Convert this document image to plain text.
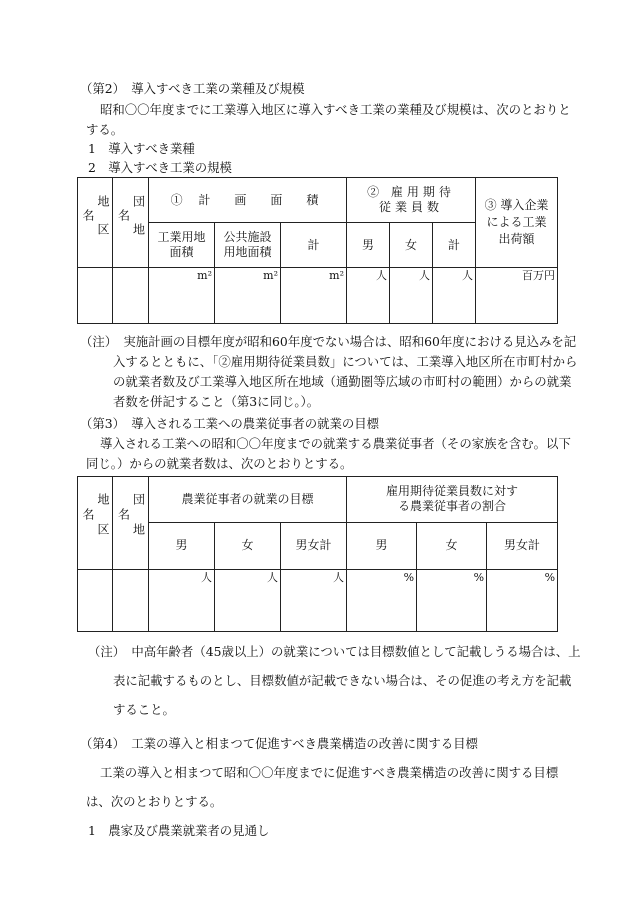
（第2）　導入すべき工業の業種及び規模
昭和〇〇年度までに工業導入地区に導入すべき工業の業種及び規模は、次のとおりと
する。
1　導入すべき業種
2　導入すべき工業の規模
地区名	団地名	① 計　画　面　積			② 雇用期待従業員数			③ 導入企業による工業出荷額

		工業用地面積	公共施設用地面積	計	男	女	計	
		m²	m²	m²	人	人	人	百万円
（注）　実施計画の目標年度が昭和60年度でない場合は、昭和60年度における見込みを記
入するとともに、「②雇用期待従業員数」については、工業導入地区所在市町村から
の就業者数及び工業導入地区所在地域（通勤圏等広域の市町村の範囲）からの就業
者数を併記すること（第3に同じ。）。
（第3）　導入される工業への農業従事者の就業の目標
導入される工業への昭和〇〇年度までの就業する農業従事者（その家族を含む。以下
同じ。）からの就業者数は、次のとおりとする。
地区名	団地名	農業従事者の就業の目標			雇用期待従業員数に対する農業従事者の割合		

		男	女	男女計	男	女	男女計
		人	人	人	%	%	%
（注）　中高年齢者（45歳以上）の就業については目標数値として記載しうる場合は、上
表に記載するものとし、目標数値が記載できない場合は、その促進の考え方を記載
すること。
（第4）　工業の導入と相まつて促進すべき農業構造の改善に関する目標
工業の導入と相まつて昭和〇〇年度までに促進すべき農業構造の改善に関する目標
は、次のとおりとする。
1　農家及び農業就業者の見通し
